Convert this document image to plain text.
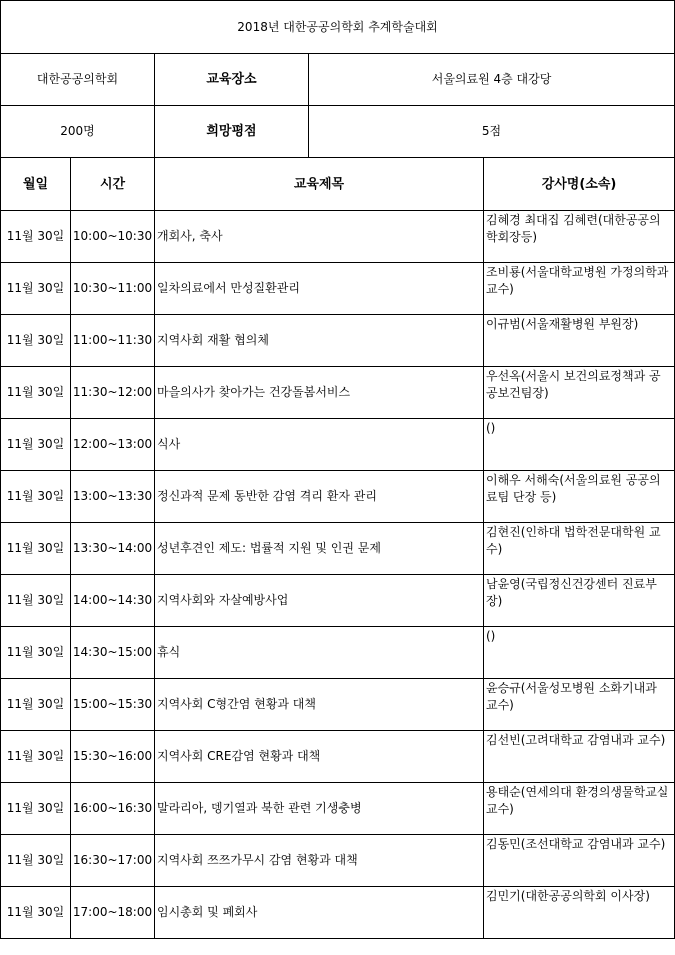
2018년 대한공공의학회 추계학술대회				
대한공공의학회		교육장소	서울의료원 4층 대강당	
200명		희망평점	5점	
월일	시간	교육제목		강사명(소속)
11월 30일	10:00~10:30	개회사, 축사		김혜경 최대집 김혜련(대한공공의학회장등)
11월 30일	10:30~11:00	일차의료에서 만성질환관리		조비룡(서울대학교병원 가정의학과 교수)
11월 30일	11:00~11:30	지역사회 재활 협의체		이규범(서울재활병원 부원장)
11월 30일	11:30~12:00	마을의사가 찾아가는 건강돌봄서비스		우선옥(서울시 보건의료정책과 공공보건팀장)
11월 30일	12:00~13:00	식사		()
11월 30일	13:00~13:30	정신과적 문제 동반한 감염 격리 환자 관리		이해우 서해숙(서울의료원 공공의료팀 단장 등)
11월 30일	13:30~14:00	성년후견인 제도: 법률적 지원 및 인권 문제		김현진(인하대 법학전문대학원 교수)
11월 30일	14:00~14:30	지역사회와 자살예방사업		남윤영(국립정신건강센터 진료부장)
11월 30일	14:30~15:00	휴식		()
11월 30일	15:00~15:30	지역사회 C형간염 현황과 대책		윤승규(서울성모병원 소화기내과 교수)
11월 30일	15:30~16:00	지역사회 CRE감염 현황과 대책		김선빈(고려대학교 감염내과 교수)
11월 30일	16:00~16:30	말라리아, 뎅기열과 북한 관련 기생충병		용태순(연세의대 환경의생물학교실 교수)
11월 30일	16:30~17:00	지역사회 쯔쯔가무시 감염 현황과 대책		김동민(조선대학교 감염내과 교수)
11월 30일	17:00~18:00	임시총회 및 폐회사		김민기(대한공공의학회 이사장)
